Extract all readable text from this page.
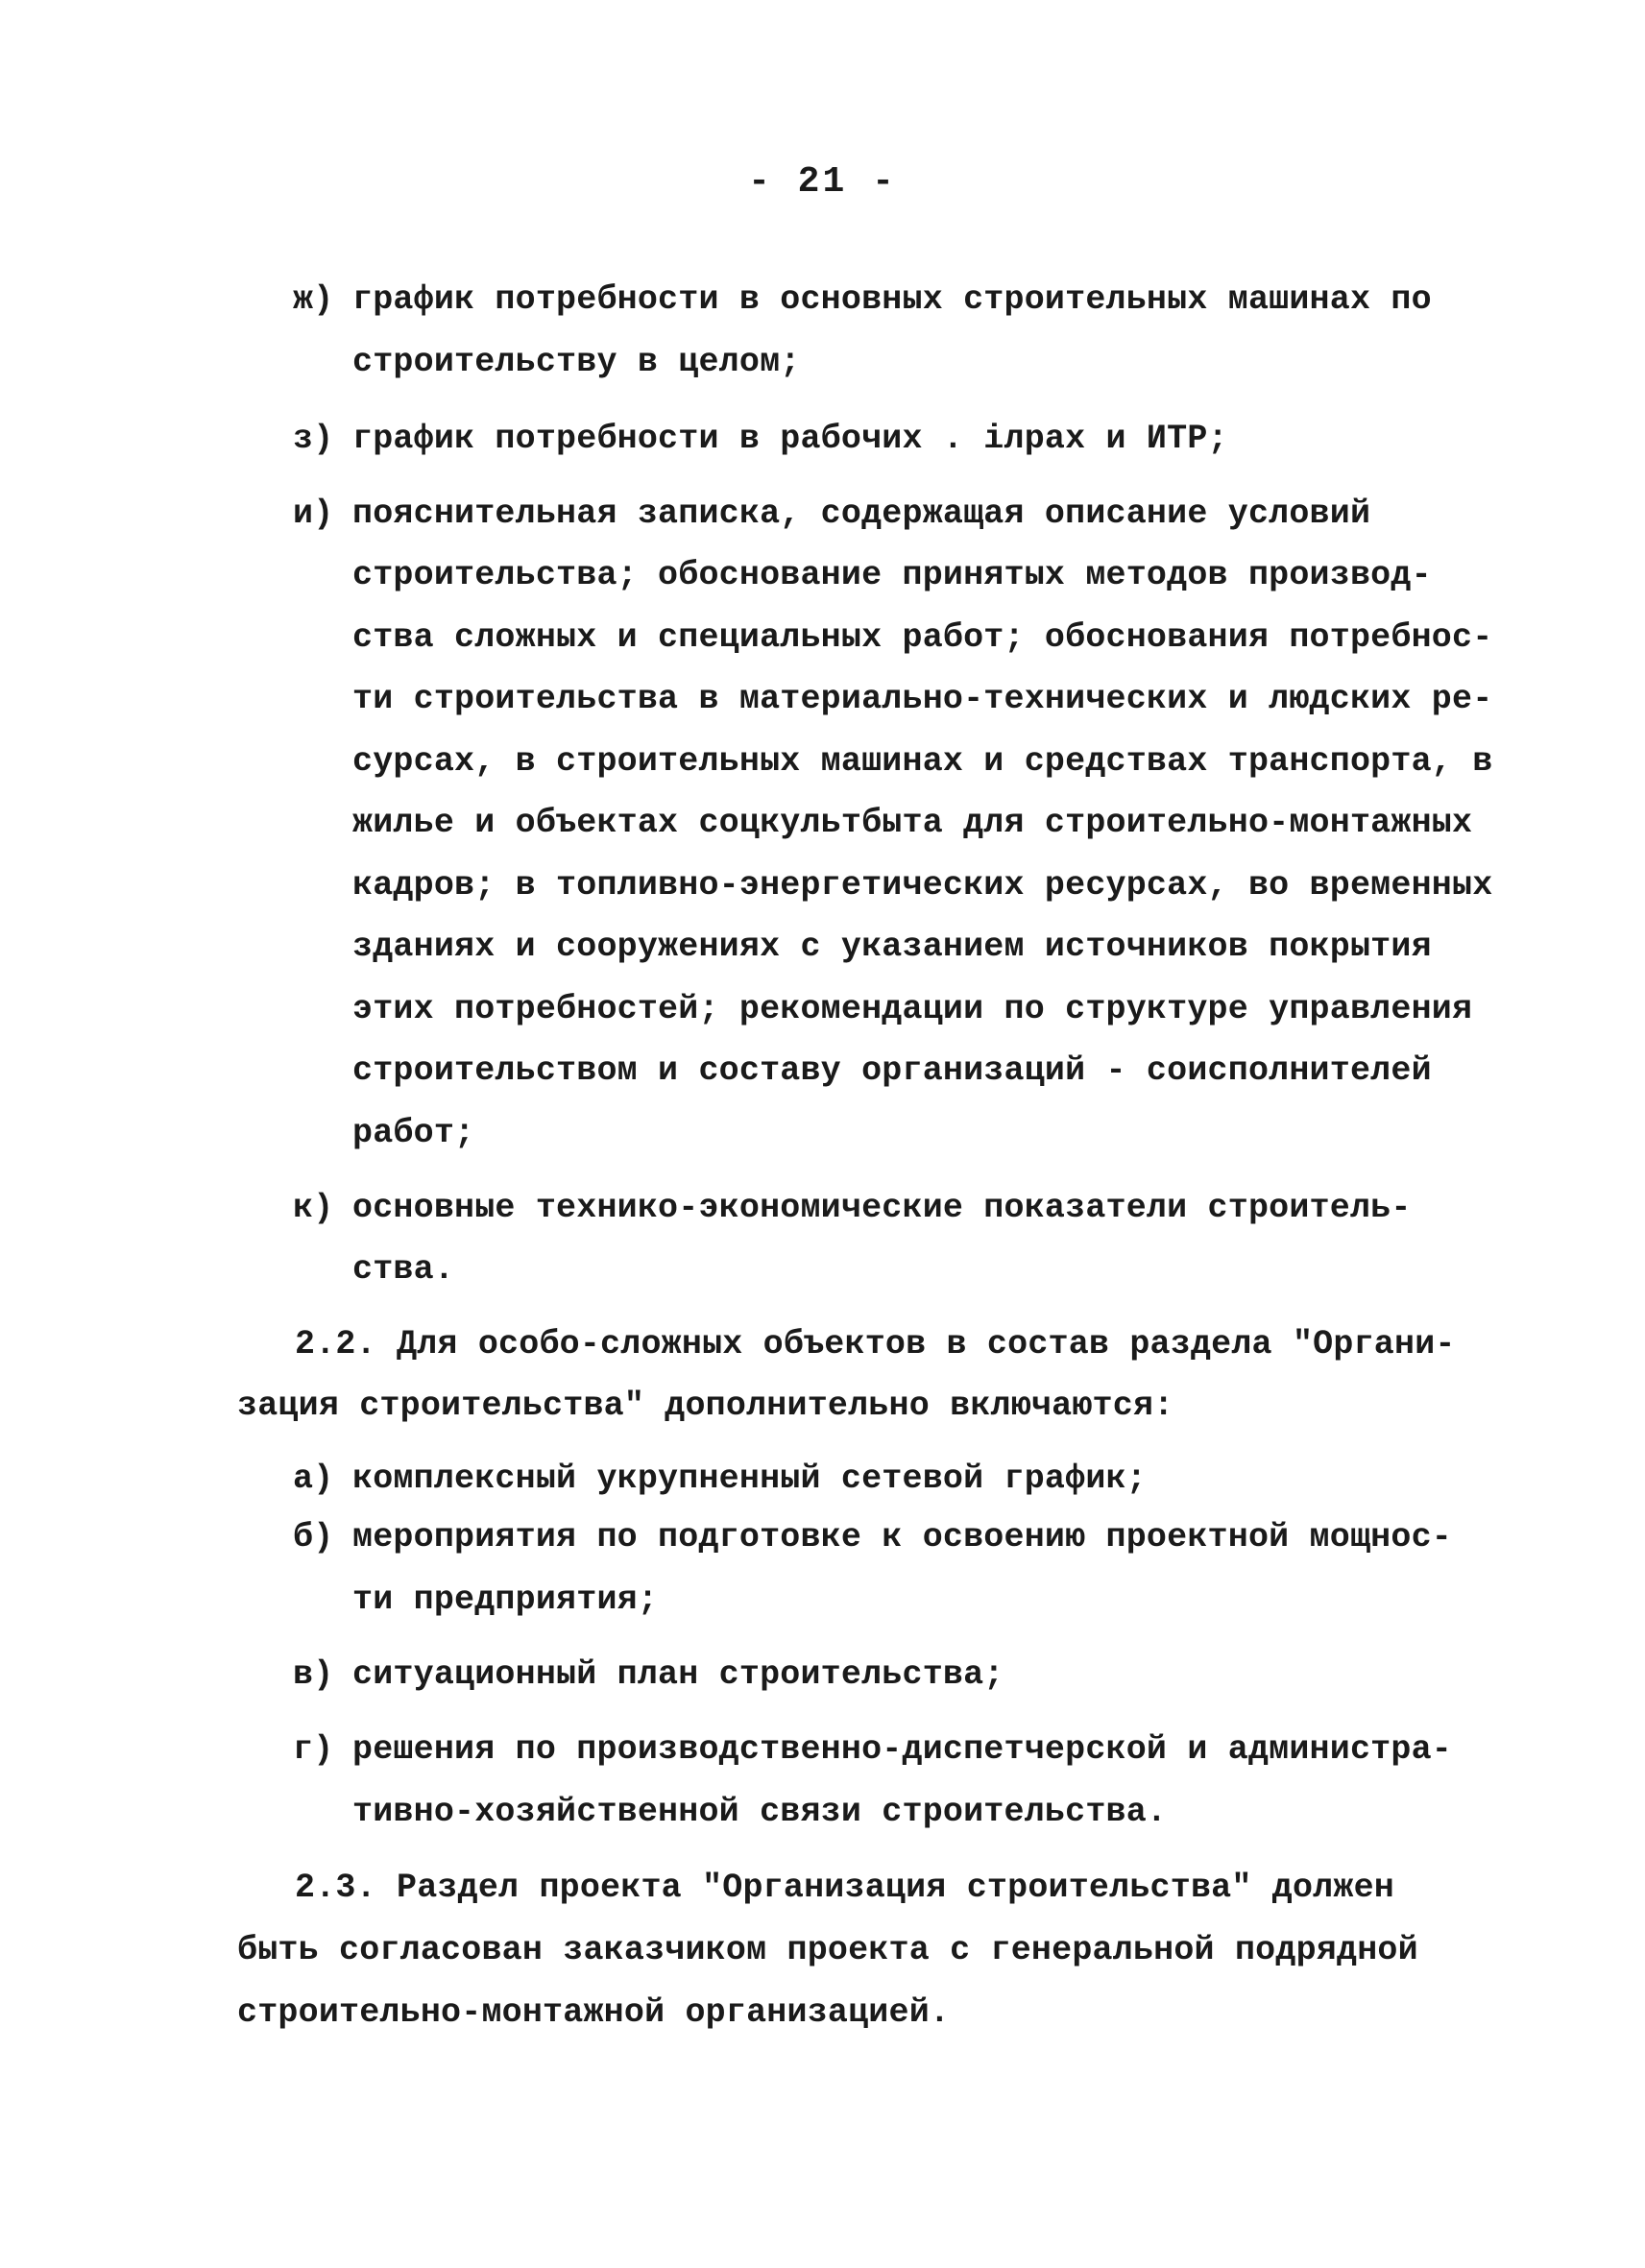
- 21 -
ж) график потребности в основных строительных машинах по
строительству в целом;
з) график потребности в рабочих . ілрах и ИТР;
и) пояснительная записка, содержащая описание условий
строительства; обоснование принятых методов производ-
ства сложных и специальных работ; обоснования потребнос-
ти строительства в материально-технических и людских ре-
сурсах, в строительных машинах и средствах транспорта, в
жилье и объектах соцкультбыта для строительно-монтажных
кадров; в топливно-энергетических ресурсах, во временных
зданиях и сооружениях с указанием источников покрытия
этих потребностей; рекомендации по структуре управления
строительством и составу организаций - соисполнителей
работ;
к) основные технико-экономические показатели строитель-
ства.
2.2. Для особо-сложных объектов в состав раздела "Органи-
зация строительства" дополнительно включаются:
а) комплексный укрупненный сетевой график;
б) мероприятия по подготовке к освоению проектной мощнос-
ти предприятия;
в) ситуационный план строительства;
г) решения по производственно-диспетчерской и администра-
тивно-хозяйственной связи строительства.
2.3. Раздел проекта "Организация строительства" должен
быть согласован заказчиком проекта с генеральной подрядной
строительно-монтажной организацией.
